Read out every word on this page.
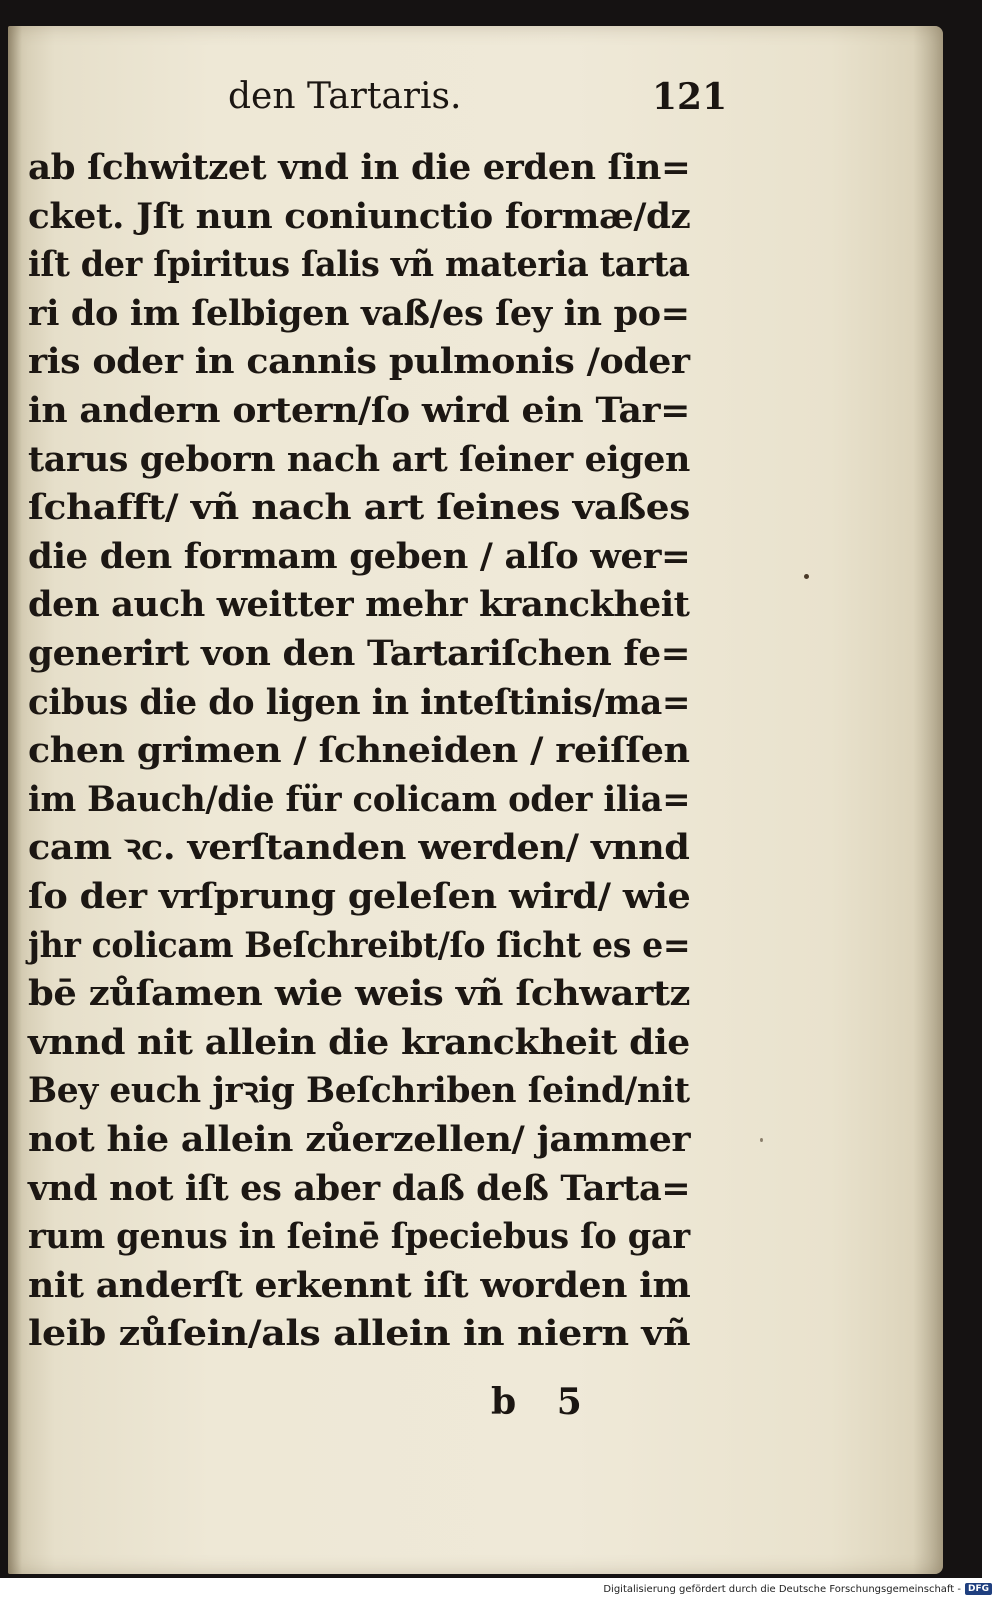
den Tartaris.	121
ab ſchwitzet vnd in die erden ſin=
cket. Jſt nun coniunctio formæ/dz
iſt der ſpiritus ſalis vñ materia tarta
ri do im ſelbigen vaß/es ſey in po=
ris oder in cannis pulmonis /oder
in andern ortern/ſo wird ein Tar=
tarus geborn nach art ſeiner eigen
ſchafft/ vñ nach art ſeines vaßes
die den formam geben / alſo wer=
den auch weitter mehr kranckheit
generirt von den Tartariſchen fe=
cibus die do ligen in inteſtinis/ma=
chen grimen / ſchneiden / reiſſen
im Bauch/die für colicam oder ilia=
cam ꝛc. verſtanden werden/ vnnd
ſo der vrſprung geleſen wird/ wie
jhr colicam Beſchreibt/ſo ſicht es e=
bē zůſamen wie weis vñ ſchwartz
vnnd nit allein die kranckheit die
Bey euch jrꝛig Beſchriben ſeind/nit
not hie allein zůerzellen/ jammer
vnd not iſt es aber daß deß Tarta=
rum genus in ſeinē ſpeciebus ſo gar
nit anderſt erkennt iſt worden im
leib zůſein/als allein in niern vñ
b 5
Digitalisierung gefördert durch die Deutsche Forschungsgemeinschaft - DFG
